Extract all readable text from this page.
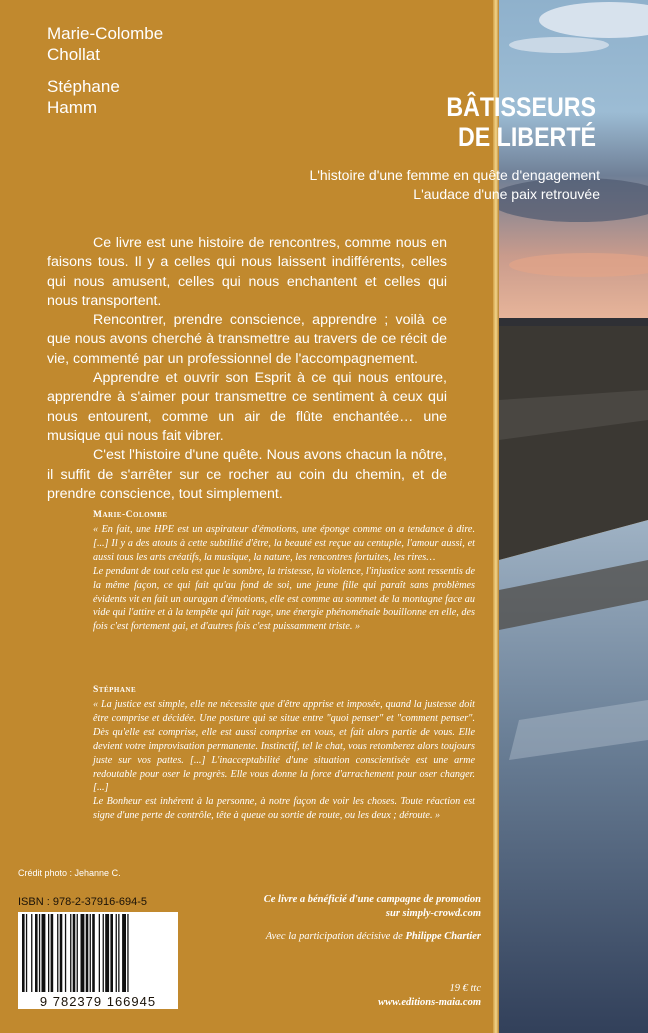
Marie-Colombe
Chollat
Stéphane
Hamm	BÂTISSEURS
DE LIBERTÉ
L'histoire d'une femme en quête d'engagement
L'audace d'une paix retrouvée

Ce livre est une histoire de rencontres, comme nous en faisons tous. Il y a celles qui nous laissent indifférents, celles qui nous amusent, celles qui nous enchantent et celles qui nous transportent.

Rencontrer, prendre conscience, apprendre ; voilà ce que nous avons cherché à transmettre au travers de ce récit de vie, commenté par un professionnel de l'accompagnement.

Apprendre et ouvrir son Esprit à ce qui nous entoure, apprendre à s'aimer pour transmettre ce sentiment à ceux qui nous entourent, comme un air de flûte enchantée… une musique qui nous fait vibrer.

C'est l'histoire d'une quête. Nous avons chacun la nôtre, il suffit de s'arrêter sur ce rocher au coin du chemin, et de prendre conscience, tout simplement.

Marie-Colombe

« En fait, une HPE est un aspirateur d'émotions, une éponge comme on a tendance à dire. [...] Il y a des atouts à cette subtilité d'être, la beauté est reçue au centuple, l'amour aussi, et aussi tous les arts créatifs, la musique, la nature, les rencontres fortuites, les rires…

Le pendant de tout cela est que le sombre, la tristesse, la violence, l'injustice sont ressentis de la même façon, ce qui fait qu'au fond de soi, une jeune fille qui paraît sans problèmes évidents vit en fait un ouragan d'émotions, elle est comme au sommet de la montagne face au vide qui l'attire et à la tempête qui fait rage, une énergie phénoménale bouillonne en elle, des fois c'est fortement gai, et d'autres fois c'est puissamment triste. »

Stéphane

« La justice est simple, elle ne nécessite que d'être apprise et imposée, quand la justesse doit être comprise et décidée. Une posture qui se situe entre "quoi penser" et "comment penser". Dès qu'elle est comprise, elle est aussi comprise en vous, et fait alors partie de vous. Elle devient votre improvisation permanente. Instinctif, tel le chat, vous retomberez alors toujours juste sur vos pattes. [...] L'inacceptabilité d'une situation conscientisée est une arme redoutable pour oser le progrès. Elle vous donne la force d'arrachement pour oser changer. [...]

Le Bonheur est inhérent à la personne, à notre façon de voir les choses. Toute réaction est signe d'une perte de contrôle, tête à queue ou sortie de route, ou les deux ; déroute. »

Crédit photo : Jehanne C.
ISBN : 978-2-37916-694-5
9 782379 166945
Ce livre a bénéficié d'une campagne de promotion
sur simply-crowd.com
Avec la participation décisive de Philippe Chartier
19 € ttc
www.editions-maia.com
